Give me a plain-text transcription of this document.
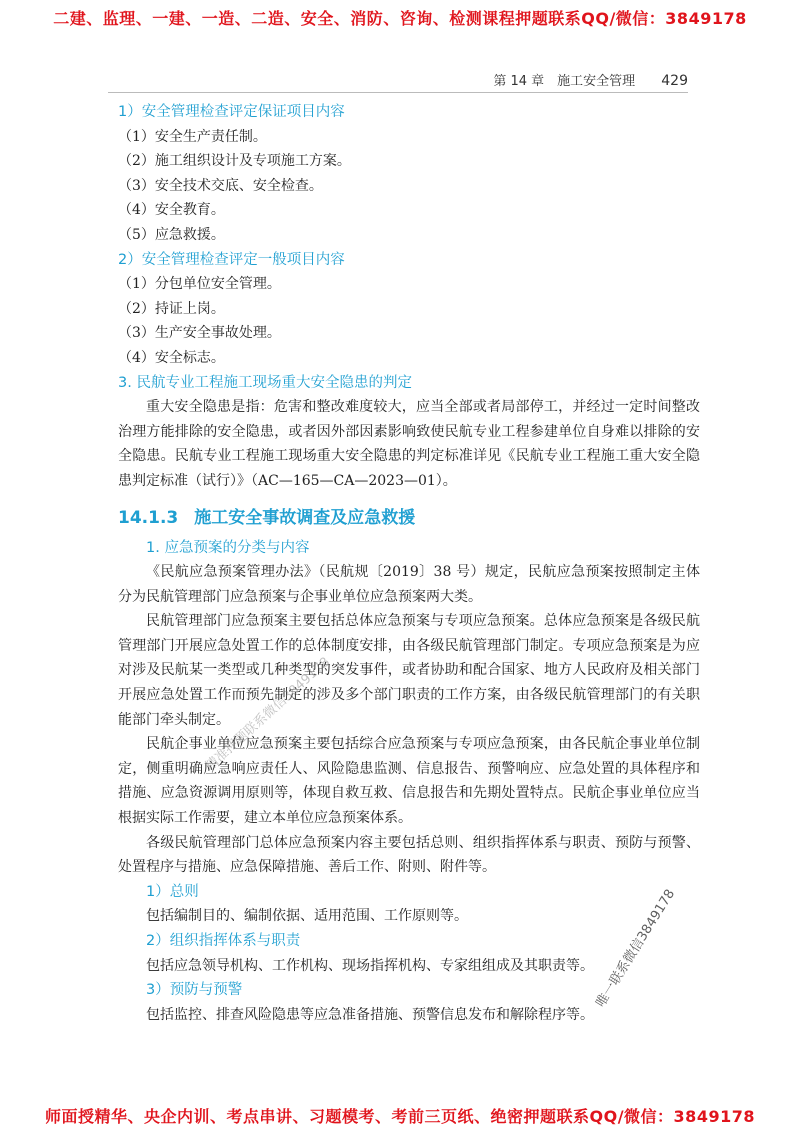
二建、监理、一建、一造、二造、安全、消防、咨询、检测课程押题联系QQ/微信：3849178
第 14 章　施工安全管理 429

1）安全管理检查评定保证项目内容

（1）安全生产责任制。

（2）施工组织设计及专项施工方案。

（3）安全技术交底、安全检查。

（4）安全教育。

（5）应急救援。

2）安全管理检查评定一般项目内容

（1）分包单位安全管理。

（2）持证上岗。

（3）生产安全事故处理。

（4）安全标志。

3. 民航专业工程施工现场重大安全隐患的判定

重大安全隐患是指：危害和整改难度较大，应当全部或者局部停工，并经过一定时间整改治理方能排除的安全隐患，或者因外部因素影响致使民航专业工程参建单位自身难以排除的安全隐患。民航专业工程施工现场重大安全隐患的判定标准详见《民航专业工程施工重大安全隐患判定标准（试行）》（AC—165—CA—2023—01）。

14.1.3 施工安全事故调查及应急救援

1. 应急预案的分类与内容

《民航应急预案管理办法》（民航规〔2019〕38 号）规定，民航应急预案按照制定主体分为民航管理部门应急预案与企事业单位应急预案两大类。

民航管理部门应急预案主要包括总体应急预案与专项应急预案。总体应急预案是各级民航管理部门开展应急处置工作的总体制度安排，由各级民航管理部门制定。专项应急预案是为应对涉及民航某一类型或几种类型的突发事件，或者协助和配合国家、地方人民政府及相关部门开展应急处置工作而预先制定的涉及多个部门职责的工作方案，由各级民航管理部门的有关职能部门牵头制定。

民航企事业单位应急预案主要包括综合应急预案与专项应急预案，由各民航企事业单位制定，侧重明确应急响应责任人、风险隐患监测、信息报告、预警响应、应急处置的具体程序和措施、应急资源调用原则等，体现自救互救、信息报告和先期处置特点。民航企事业单位应当根据实际工作需要，建立本单位应急预案体系。

各级民航管理部门总体应急预案内容主要包括总则、组织指挥体系与职责、预防与预警、处置程序与措施、应急保障措施、善后工作、附则、附件等。

1）总则

包括编制目的、编制依据、适用范围、工作原则等。

2）组织指挥体系与职责

包括应急领导机构、工作机构、现场指挥机构、专家组组成及其职责等。

3）预防与预警

包括监控、排查风险隐患等应急准备措施、预警信息发布和解除程序等。

精准押题联系微信3849178
唯一联系微信3849178
师面授精华、央企内训、考点串讲、习题模考、考前三页纸、绝密押题联系QQ/微信：3849178
